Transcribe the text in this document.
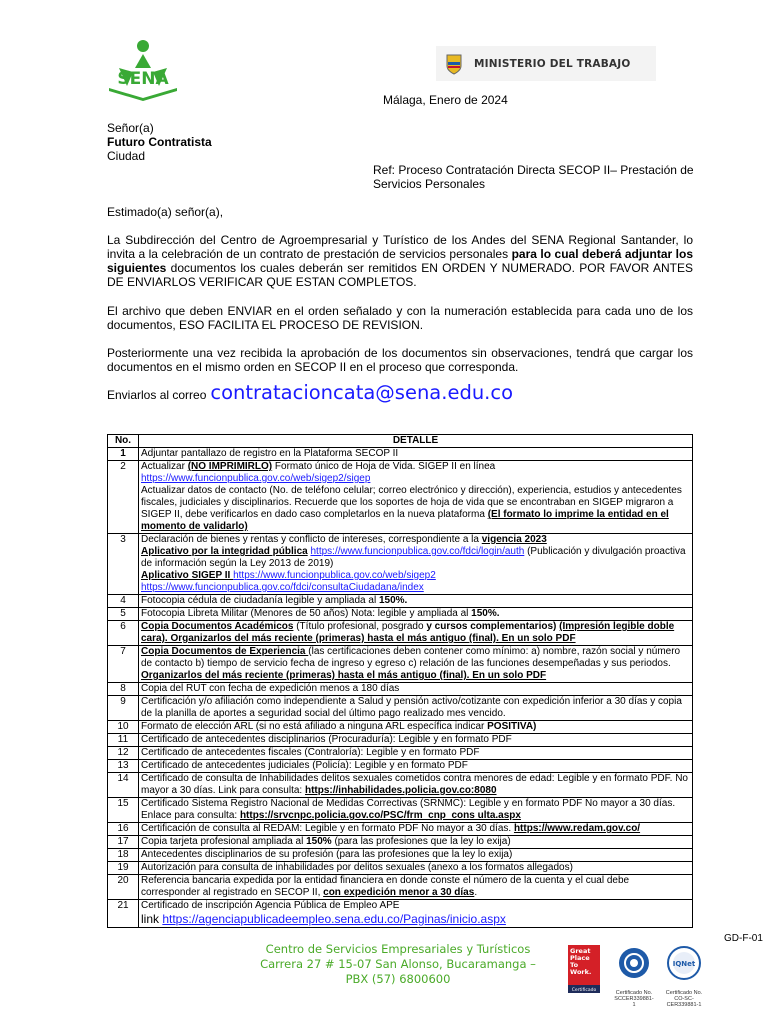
SENA
MINISTERIO DEL TRABAJO
Málaga, Enero de 2024
Señor(a)
Futuro Contratista
Ciudad
Ref: Proceso Contratación Directa SECOP II– Prestación de Servicios Personales
Estimado(a) señor(a),
La Subdirección del Centro de Agroempresarial y Turístico de los Andes del SENA Regional Santander, lo invita a la celebración de un contrato de prestación de servicios personales para lo cual deberá adjuntar los siguientes documentos los cuales deberán ser remitidos EN ORDEN Y NUMERADO. POR FAVOR ANTES DE ENVIARLOS VERIFICAR QUE ESTAN COMPLETOS.
El archivo que deben ENVIAR en el orden señalado y con la numeración establecida para cada uno de los documentos, ESO FACILITA EL PROCESO DE REVISION.
Posteriormente una vez recibida la aprobación de los documentos sin observaciones, tendrá que cargar los documentos en el mismo orden en SECOP II en el proceso que corresponda.
Enviarlos al correo contratacioncata@sena.edu.co
No.	DETALLE
1	Adjuntar pantallazo de registro en la Plataforma SECOP II
2	Actualizar (NO IMPRIMIRLO) Formato único de Hoja de Vida. SIGEP II en línea
https://www.funcionpublica.gov.co/web/sigep2/sigep
Actualizar datos de contacto (No. de teléfono celular; correo electrónico y dirección), experiencia, estudios y antecedentes fiscales, judiciales y disciplinarios. Recuerde que los soportes de hoja de vida que se encontraban en SIGEP migraron a SIGEP II, debe verificarlos en dado caso completarlos en la nueva plataforma (El formato lo imprime la entidad en el momento de validarlo)
3	Declaración de bienes y rentas y conflicto de intereses, correspondiente a la vigencia 2023
Aplicativo por la integridad pública https://www.funcionpublica.gov.co/fdci/login/auth (Publicación y divulgación proactiva de información según la Ley 2013 de 2019)
Aplicativo SIGEP II https://www.funcionpublica.gov.co/web/sigep2
https://www.funcionpublica.gov.co/fdci/consultaCiudadana/index
4	Fotocopia cédula de ciudadanía legible y ampliada al 150%.
5	Fotocopia Libreta Militar (Menores de 50 años) Nota: legible y ampliada al 150%.
6	Copia Documentos Académicos (Título profesional, posgrado y cursos complementarios) (Impresión legible doble cara). Organizarlos del más reciente (primeras) hasta el más antiguo (final). En un solo PDF
7	Copia Documentos de Experiencia (las certificaciones deben contener como mínimo: a) nombre, razón social y número de contacto b) tiempo de servicio fecha de ingreso y egreso c) relación de las funciones desempeñadas y sus periodos. Organizarlos del más reciente (primeras) hasta el más antiguo (final). En un solo PDF
8	Copia del RUT con fecha de expedición menos a 180 días
9	Certificación y/o afiliación como independiente a Salud y pensión activo/cotizante con expedición inferior a 30 días y copia de la planilla de aportes a seguridad social del último pago realizado mes vencido.
10	Formato de elección ARL (si no está afiliado a ninguna ARL específica indicar POSITIVA)
11	Certificado de antecedentes disciplinarios (Procuraduría): Legible y en formato PDF
12	Certificado de antecedentes fiscales (Contraloría): Legible y en formato PDF
13	Certificado de antecedentes judiciales (Policía): Legible y en formato PDF
14	Certificado de consulta de Inhabilidades delitos sexuales cometidos contra menores de edad: Legible y en formato PDF. No mayor a 30 días. Link para consulta: https://inhabilidades.policia.gov.co:8080
15	Certificado Sistema Registro Nacional de Medidas Correctivas (SRNMC): Legible y en formato PDF No mayor a 30 días. Enlace para consulta: https://srvcnpc.policia.gov.co/PSC/frm_cnp_cons ulta.aspx
16	Certificación de consulta al REDAM: Legible y en formato PDF No mayor a 30 días. https://www.redam.gov.co/
17	Copia tarjeta profesional ampliada al 150% (para las profesiones que la ley lo exija)
18	Antecedentes disciplinarios de su profesión (para las profesiones que la ley lo exija)
19	Autorización para consulta de inhabilidades por delitos sexuales (anexo a los formatos allegados)
20	Referencia bancaria expedida por la entidad financiera en donde conste el número de la cuenta y el cual debe corresponder al registrado en SECOP II, con expedición menor a 30 días.
21	Certificado de inscripción Agencia Pública de Empleo APE
link https://agenciapublicadeempleo.sena.edu.co/Paginas/inicio.aspx
GD-F-01
Centro de Servicios Empresariales y Turísticos
Carrera 27 # 15-07 San Alonso, Bucaramanga –
PBX (57) 6800600
Great
Place
To
Work.
Certificado	Certificado No.
SCCER339881-1
IQNet
Certificado No.
CO-SC-CER339881-1
